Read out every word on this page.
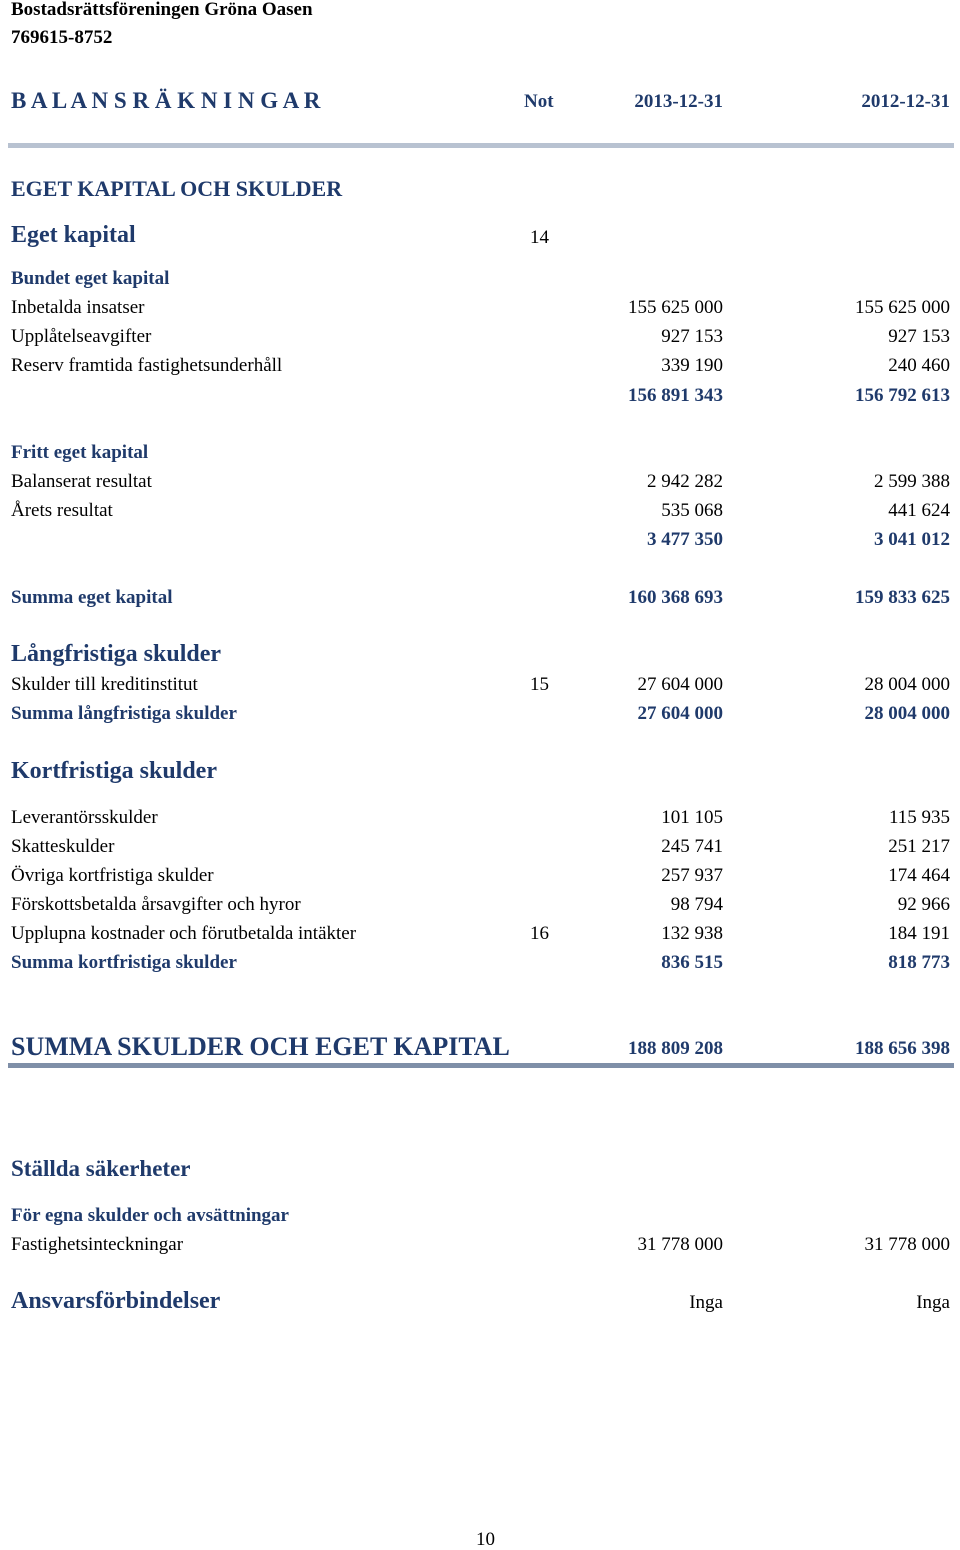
Bostadsrättsföreningen Gröna Oasen
769615-8752
B A L A N S R Ä K N I N G A R	Not	2013-12-31	2012-12-31
EGET KAPITAL OCH SKULDER
Eget kapital	14
Bundet eget kapital
Inbetalda insatser	155 625 000	155 625 000
Upplåtelseavgifter	927 153	927 153
Reserv framtida fastighetsunderhåll	339 190	240 460
156 891 343	156 792 613
Fritt eget kapital
Balanserat resultat	2 942 282	2 599 388
Årets resultat	535 068	441 624
3 477 350	3 041 012
Summa eget kapital	160 368 693	159 833 625
Långfristiga skulder
Skulder till kreditinstitut	15	27 604 000	28 004 000
Summa långfristiga skulder	27 604 000	28 004 000
Kortfristiga skulder
Leverantörsskulder	101 105	115 935
Skatteskulder	245 741	251 217
Övriga kortfristiga skulder	257 937	174 464
Förskottsbetalda årsavgifter och hyror	98 794	92 966
Upplupna kostnader och förutbetalda intäkter	16	132 938	184 191
Summa kortfristiga skulder	836 515	818 773
SUMMA SKULDER OCH EGET KAPITAL	188 809 208	188 656 398
Ställda säkerheter
För egna skulder och avsättningar
Fastighetsinteckningar	31 778 000	31 778 000
Ansvarsförbindelser	Inga	Inga
10
